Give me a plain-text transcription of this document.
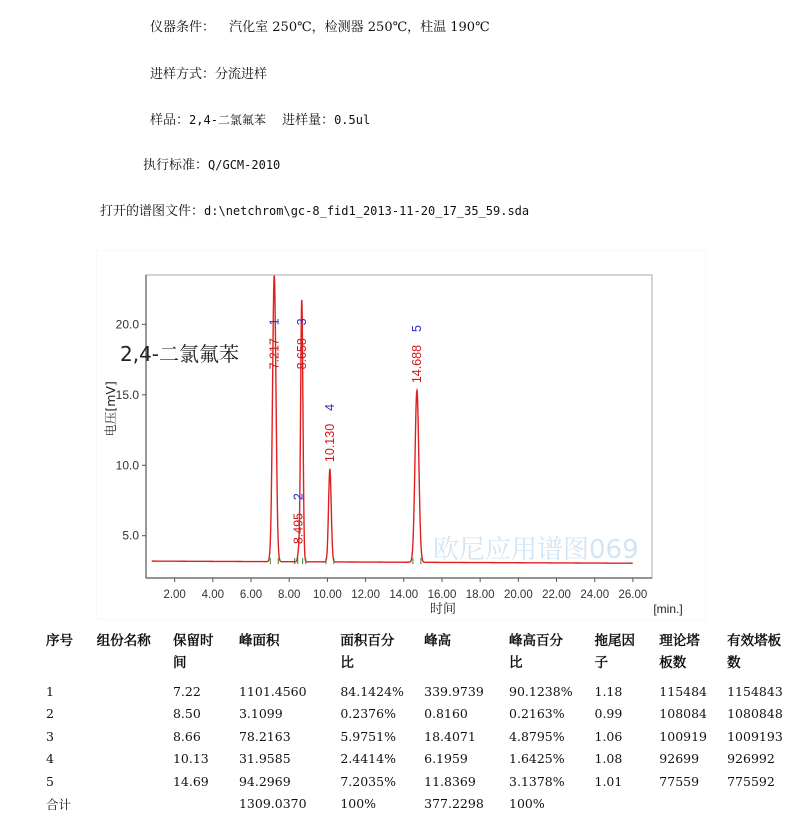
仪器条件： 汽化室 250℃，检测器 250℃，柱温 190℃
进样方式：分流进样
样品：2,4-二氯氟苯 进样量：0.5ul
执行标准：Q/GCM-2010
打开的谱图文件：d:\netchrom\gc-8_fid1_2013-11-20_17_35_59.sda
5.0
10.0
15.0
20.0
2.00 4.00 6.00 8.00 10.00 12.00 14.00 16.00 18.00 20.00 22.00 24.00 26.00
时间	[min.]
电压[mV]
2,4-二氯氟苯
欧尼应用谱图069
7.217
1
8.495
2
8.658
3
10.130
4
14.688
5
序号	组份名称	保留时
间	峰面积	面积百分
比	峰高	峰高百分
比	拖尾因
子	理论塔
板数	有效塔板
数
1		7.22	1101.4560	84.1424%	339.9739	90.1238%	1.18	115484	1154843
2		8.50	3.1099	0.2376%	0.8160	0.2163%	0.99	108084	1080848
3		8.66	78.2163	5.9751%	18.4071	4.8795%	1.06	100919	1009193
4		10.13	31.9585	2.4414%	6.1959	1.6425%	1.08	92699	926992
5		14.69	94.2969	7.2035%	11.8369	3.1378%	1.01	77559	775592
合计			1309.0370	100%	377.2298	100%			
